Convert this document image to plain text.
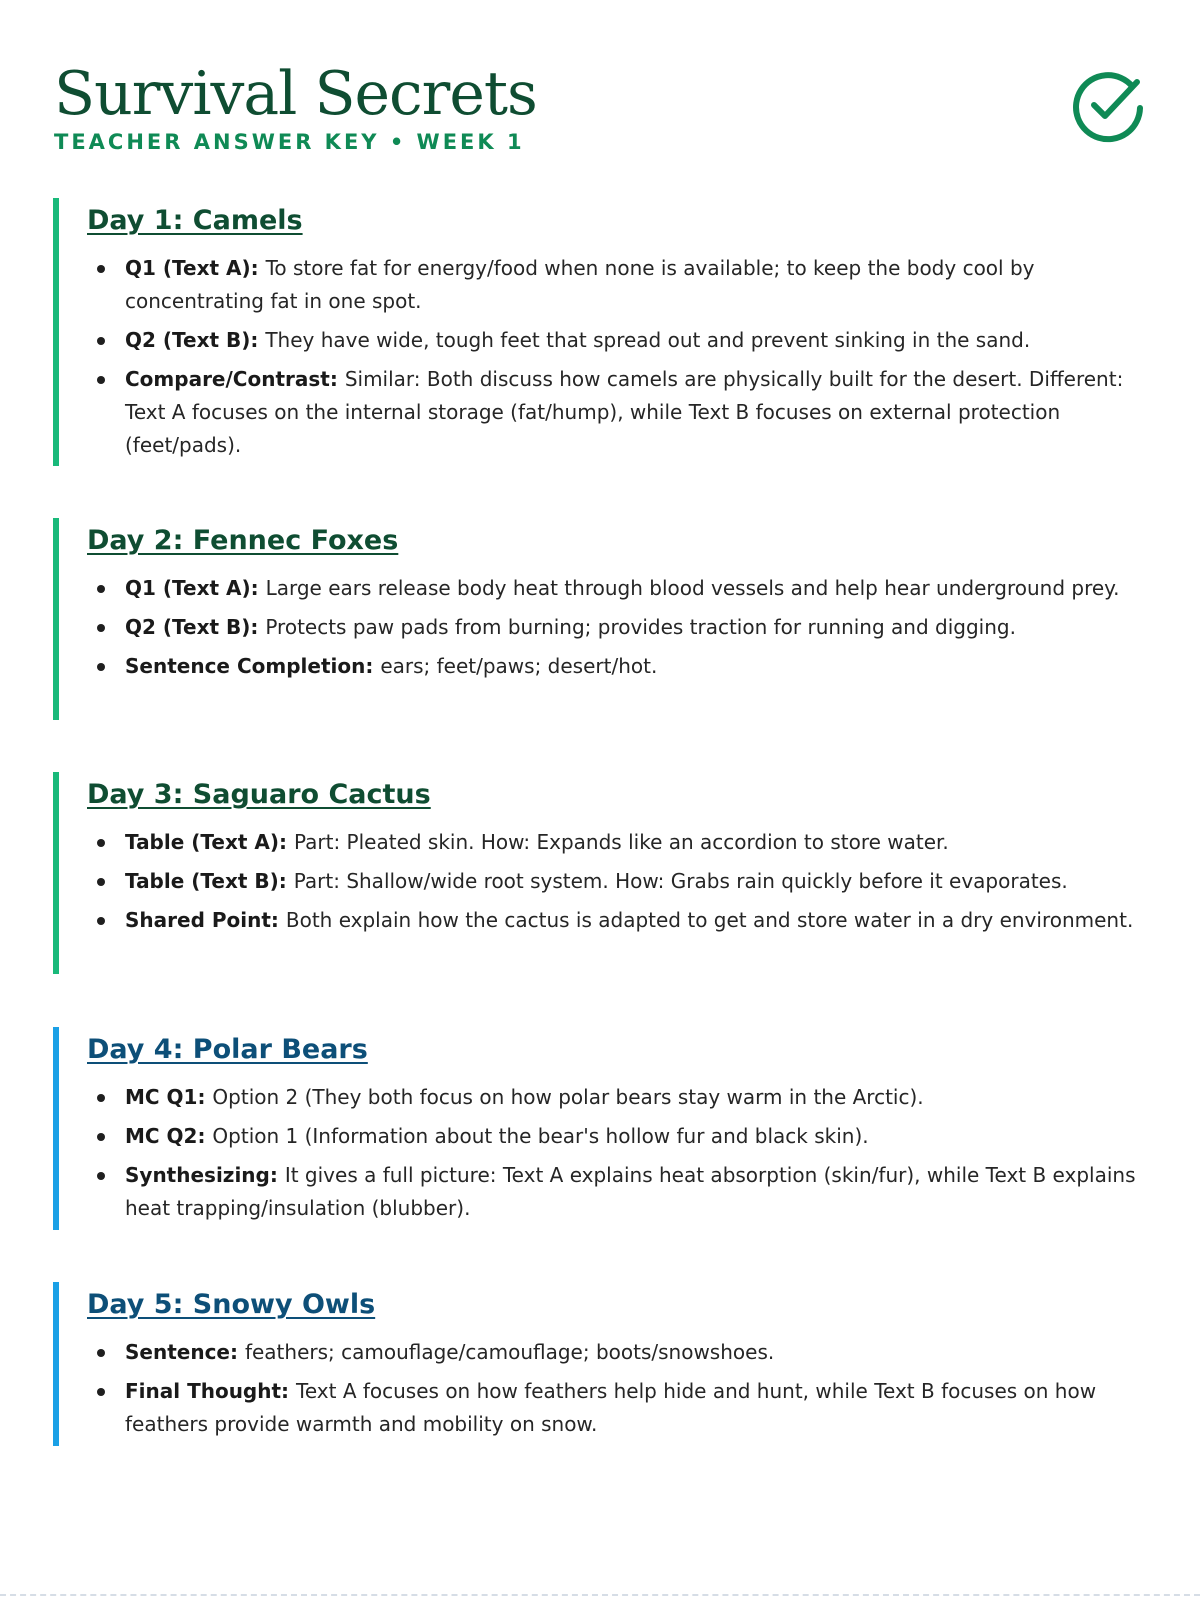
Survival Secrets
TEACHER ANSWER KEY • WEEK 1
Day 1: Camels
Q1 (Text A): To store fat for energy/food when none is available; to keep the body cool by concentrating fat in one spot.
Q2 (Text B): They have wide, tough feet that spread out and prevent sinking in the sand.
Compare/Contrast: Similar: Both discuss how camels are physically built for the desert. Different: Text A focuses on the internal storage (fat/hump), while Text B focuses on external protection (feet/pads).
Day 2: Fennec Foxes
Q1 (Text A): Large ears release body heat through blood vessels and help hear underground prey.
Q2 (Text B): Protects paw pads from burning; provides traction for running and digging.
Sentence Completion: ears; feet/paws; desert/hot.
Day 3: Saguaro Cactus
Table (Text A): Part: Pleated skin. How: Expands like an accordion to store water.
Table (Text B): Part: Shallow/wide root system. How: Grabs rain quickly before it evaporates.
Shared Point: Both explain how the cactus is adapted to get and store water in a dry environment.
Day 4: Polar Bears
MC Q1: Option 2 (They both focus on how polar bears stay warm in the Arctic).
MC Q2: Option 1 (Information about the bear's hollow fur and black skin).
Synthesizing: It gives a full picture: Text A explains heat absorption (skin/fur), while Text B explains heat trapping/insulation (blubber).
Day 5: Snowy Owls
Sentence: feathers; camouflage/camouflage; boots/snowshoes.
Final Thought: Text A focuses on how feathers help hide and hunt, while Text B focuses on how feathers provide warmth and mobility on snow.
